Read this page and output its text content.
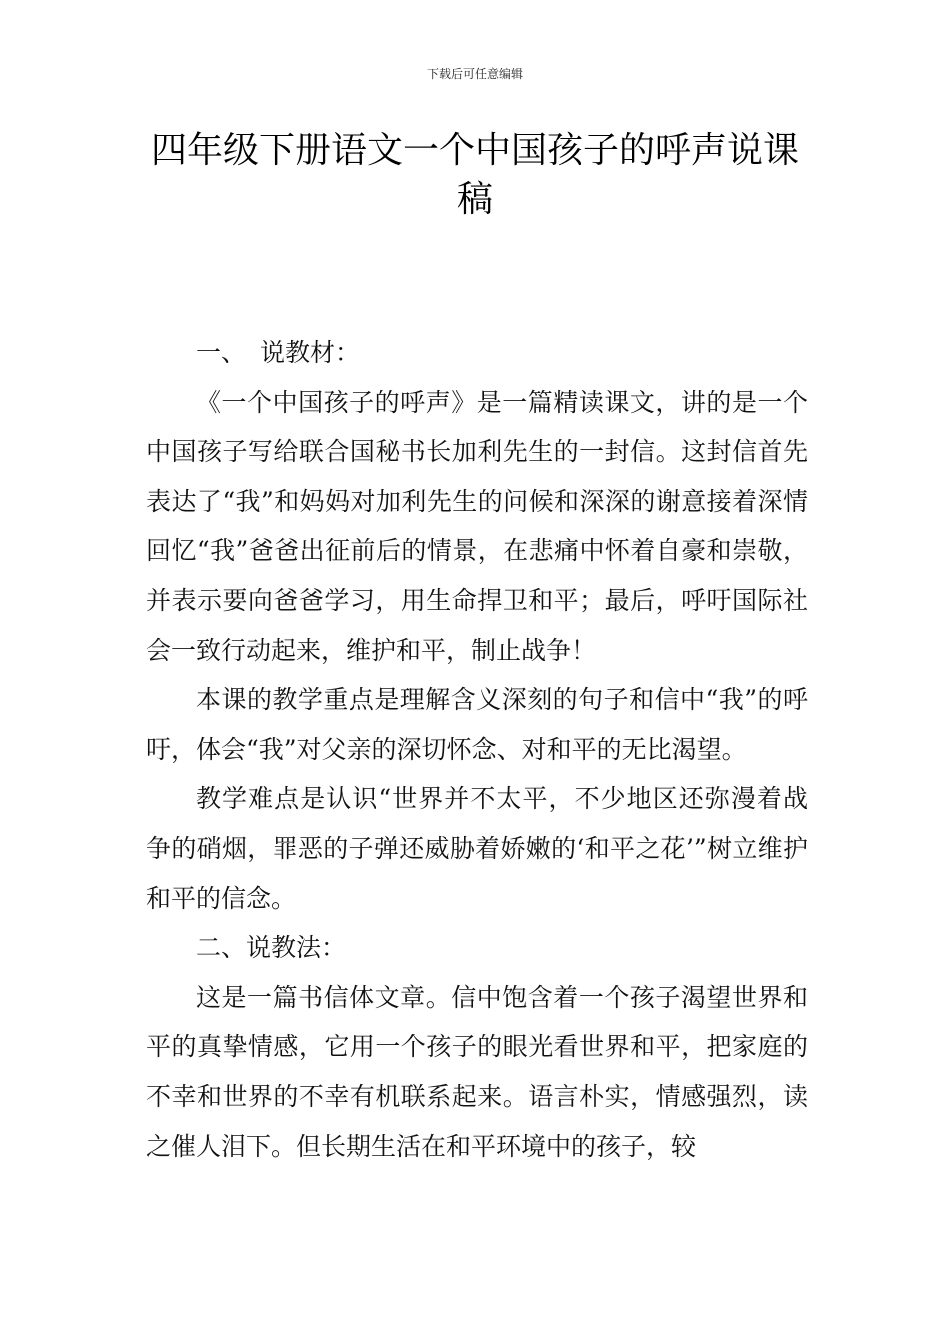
下载后可任意编辑
四年级下册语文一个中国孩子的呼声说课稿
一、 说教材：

《一个中国孩子的呼声》是一篇精读课文，讲的是一个中国孩子写给联合国秘书长加利先生的一封信。这封信首先表达了“我”和妈妈对加利先生的问候和深深的谢意接着深情回忆“我”爸爸出征前后的情景，在悲痛中怀着自豪和崇敬，并表示要向爸爸学习，用生命捍卫和平；最后，呼吁国际社会一致行动起来，维护和平，制止战争！

本课的教学重点是理解含义深刻的句子和信中“我”的呼吁，体会“我”对父亲的深切怀念、对和平的无比渴望。

教学难点是认识“世界并不太平，不少地区还弥漫着战争的硝烟，罪恶的子弹还威胁着娇嫩的‘和平之花’”树立维护和平的信念。

二、说教法：

这是一篇书信体文章。信中饱含着一个孩子渴望世界和平的真挚情感，它用一个孩子的眼光看世界和平，把家庭的不幸和世界的不幸有机联系起来。语言朴实，情感强烈，读之催人泪下。但长期生活在和平环境中的孩子，较
